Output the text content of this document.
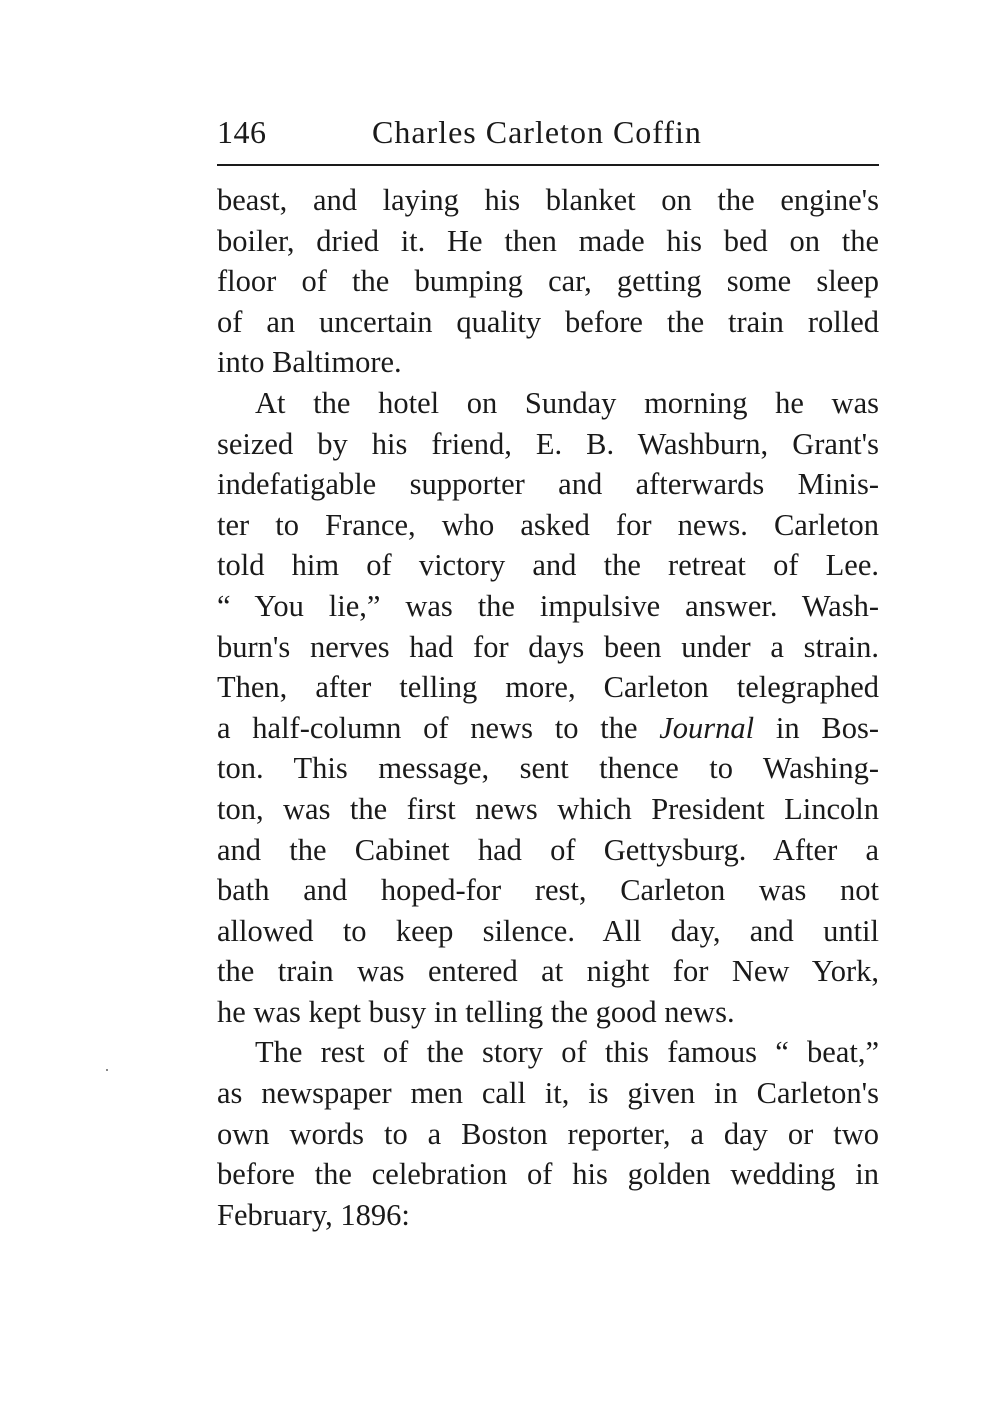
146	Charles Carleton Coffin

beast, and laying his blanket on the engine's
boiler, dried it. He then made his bed on the
floor of the bumping car, getting some sleep
of an uncertain quality before the train rolled
into Baltimore.

At the hotel on Sunday morning he was
seized by his friend, E. B. Washburn, Grant's
indefatigable supporter and afterwards Minis-
ter to France, who asked for news. Carleton
told him of victory and the retreat of Lee.
“ You lie,” was the impulsive answer. Wash-
burn's nerves had for days been under a strain.
Then, after telling more, Carleton telegraphed
a half-column of news to the Journal in Bos-
ton. This message, sent thence to Washing-
ton, was the first news which President Lincoln
and the Cabinet had of Gettysburg. After a
bath and hoped-for rest, Carleton was not
allowed to keep silence. All day, and until
the train was entered at night for New York,
he was kept busy in telling the good news.

The rest of the story of this famous “ beat,”
as newspaper men call it, is given in Carleton's
own words to a Boston reporter, a day or two
before the celebration of his golden wedding in
February, 1896:
